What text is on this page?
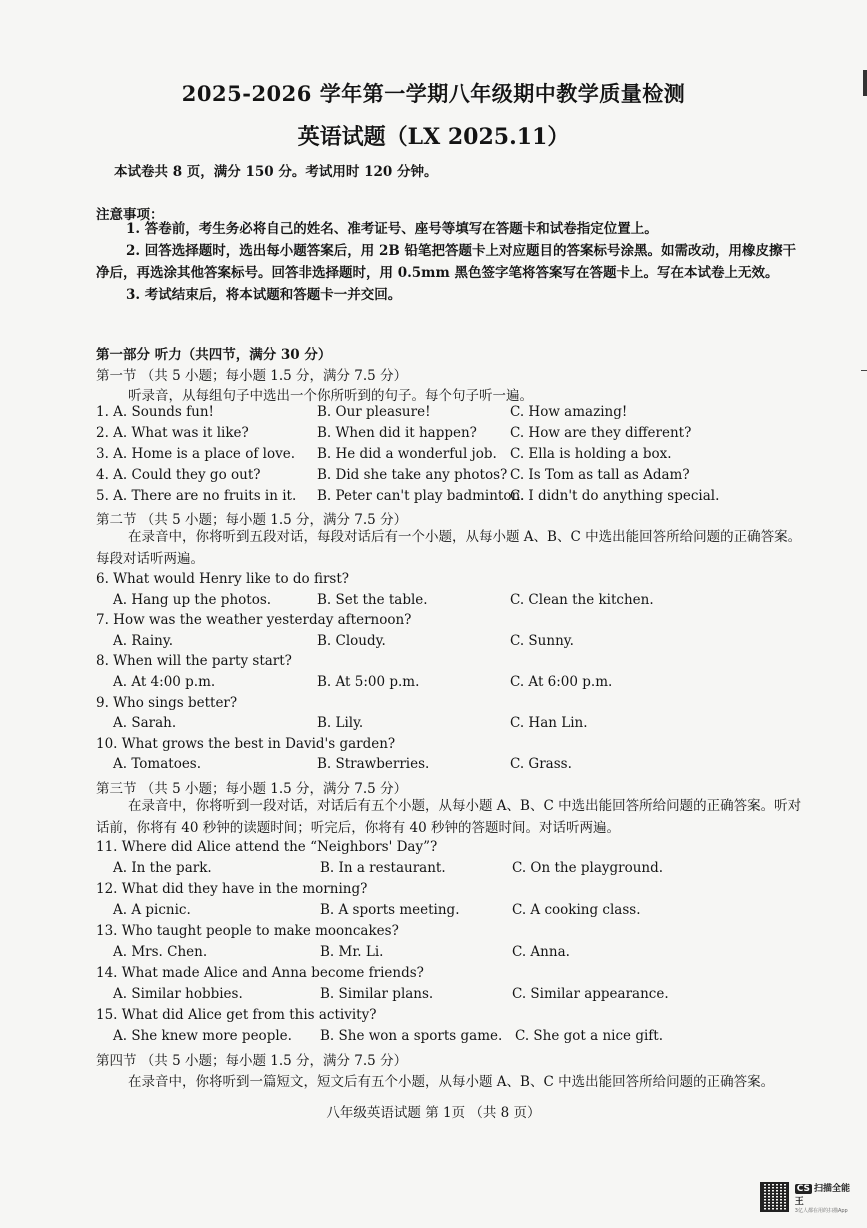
2025-2026 学年第一学期八年级期中教学质量检测
英语试题（LX 2025.11）
本试卷共 8 页，满分 150 分。考试用时 120 分钟。
注意事项：

1. 答卷前，考生务必将自己的姓名、准考证号、座号等填写在答题卡和试卷指定位置上。

2. 回答选择题时，选出每小题答案后，用 2B 铅笔把答题卡上对应题目的答案标号涂黑。如需改动，用橡皮擦干净后，再选涂其他答案标号。回答非选择题时，用 0.5mm 黑色签字笔将答案写在答题卡上。写在本试卷上无效。

3. 考试结束后，将本试题和答题卡一并交回。

第一部分 听力（共四节，满分 30 分）
第一节 （共 5 小题；每小题 1.5 分，满分 7.5 分）
听录音，从每组句子中选出一个你所听到的句子。每个句子听一遍。
1. A. Sounds fun!	B. Our pleasure!	C. How amazing!
2. A. What was it like?	B. When did it happen? C. How are they different?
3. A. Home is a place of love. B. He did a wonderful job. C. Ella is holding a box.
4. A. Could they go out?	B. Did she take any photos? C. Is Tom as tall as Adam?
5. A. There are no fruits in it. B. Peter can't play badminton.
C. I didn't do anything special.
第二节 （共 5 小题；每小题 1.5 分，满分 7.5 分）
在录音中，你将听到五段对话，每段对话后有一个小题，从每小题 A、B、C 中选出能回答所给问题的正确答案。每段对话听两遍。
6. What would Henry like to do first?
A. Hang up the photos.	B. Set the table.	C. Clean the kitchen.
7. How was the weather yesterday afternoon?
A. Rainy.	B. Cloudy.	C. Sunny.
8. When will the party start?
A. At 4:00 p.m.	B. At 5:00 p.m.	C. At 6:00 p.m.
9. Who sings better?
A. Sarah.	B. Lily.	C. Han Lin.
10. What grows the best in David's garden?
A. Tomatoes.	B. Strawberries.	C. Grass.
第三节 （共 5 小题；每小题 1.5 分，满分 7.5 分）
在录音中，你将听到一段对话，对话后有五个小题，从每小题 A、B、C 中选出能回答所给问题的正确答案。听对话前，你将有 40 秒钟的读题时间；听完后，你将有 40 秒钟的答题时间。对话听两遍。
11. Where did Alice attend the “Neighbors' Day”?
A. In the park.	B. In a restaurant.	C. On the playground.
12. What did they have in the morning?
A. A picnic.	B. A sports meeting.	C. A cooking class.
13. Who taught people to make mooncakes?
A. Mrs. Chen.	B. Mr. Li.	C. Anna.
14. What made Alice and Anna become friends?
A. Similar hobbies.	B. Similar plans.	C. Similar appearance.
15. What did Alice get from this activity?
A. She knew more people. B. She won a sports game. C. She got a nice gift.
第四节 （共 5 小题；每小题 1.5 分，满分 7.5 分）
在录音中，你将听到一篇短文，短文后有五个小题，从每小题 A、B、C 中选出能回答所给问题的正确答案。
八年级英语试题 第 1页 （共 8 页）
CS 扫描全能王
3亿人都在用的扫描App
